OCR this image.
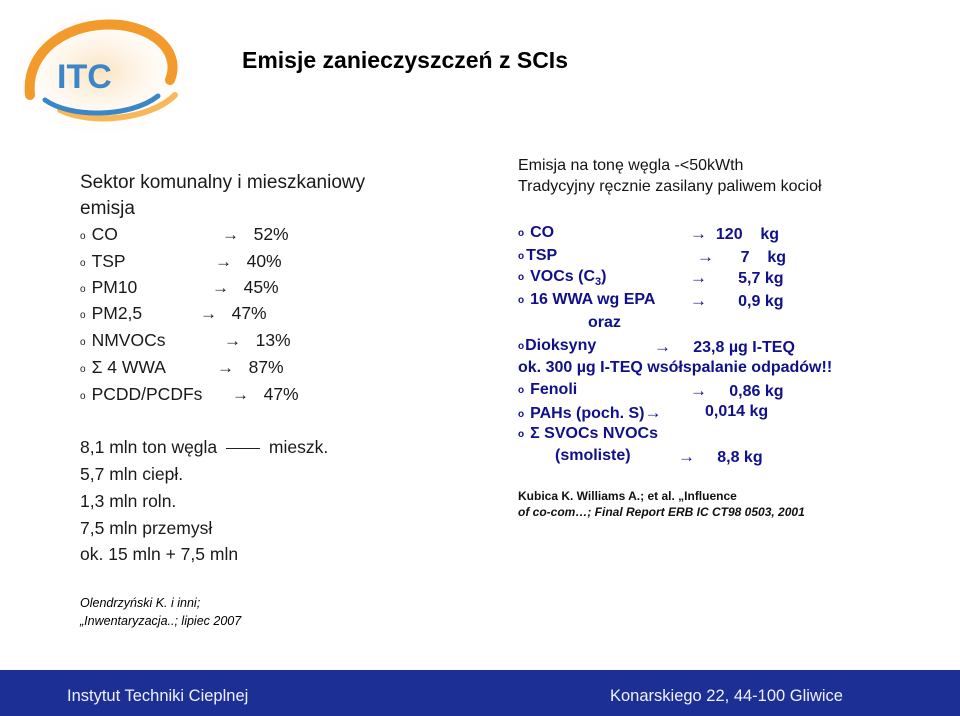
ITC	Emisje zanieczyszczeń z SCIs
Sektor komunalny i mieszkaniowy
emisja
o CO	→ 52%
o TSP	→ 40%
o PM10	→ 45%
o PM2,5	→ 47%
o NMVOCs	→ 13%
o Σ 4 WWA	→ 87%
o PCDD/PCDFs → 47%
8,1 mln ton węgla	mieszk.
5,7 mln ciepł.
1,3 mln roln.
7,5 mln przemysł
ok. 15 mln + 7,5 mln
Olendrzyński K. i inni;
„Inwentaryzacja..; lipiec 2007
Emisja na tonę węgla -<50kWth
Tradycyjny ręcznie zasilany paliwem kocioł
o CO	→ 120    kg
o TSP	→ 7    kg
o VOCs $(C_3)$	→ 5,7 kg
o 16 WWA wg EPA → 0,9 kg
oraz
oDioksyny	→ 23,8 µg I-TEQ
ok. 300 µg I-TEQ wsółspalanie odpadów!!
o Fenoli	→ 0,86 kg
o PAHs (poch. S)→	0,014 kg
o Σ SVOCs NVOCs
(smoliste)	→ 8,8 kg
Kubica K. Williams A.; et al. „Influence
of co-com…; Final Report ERB IC CT98 0503, 2001
Instytut Techniki Cieplnej	Konarskiego 22, 44-100 Gliwice
